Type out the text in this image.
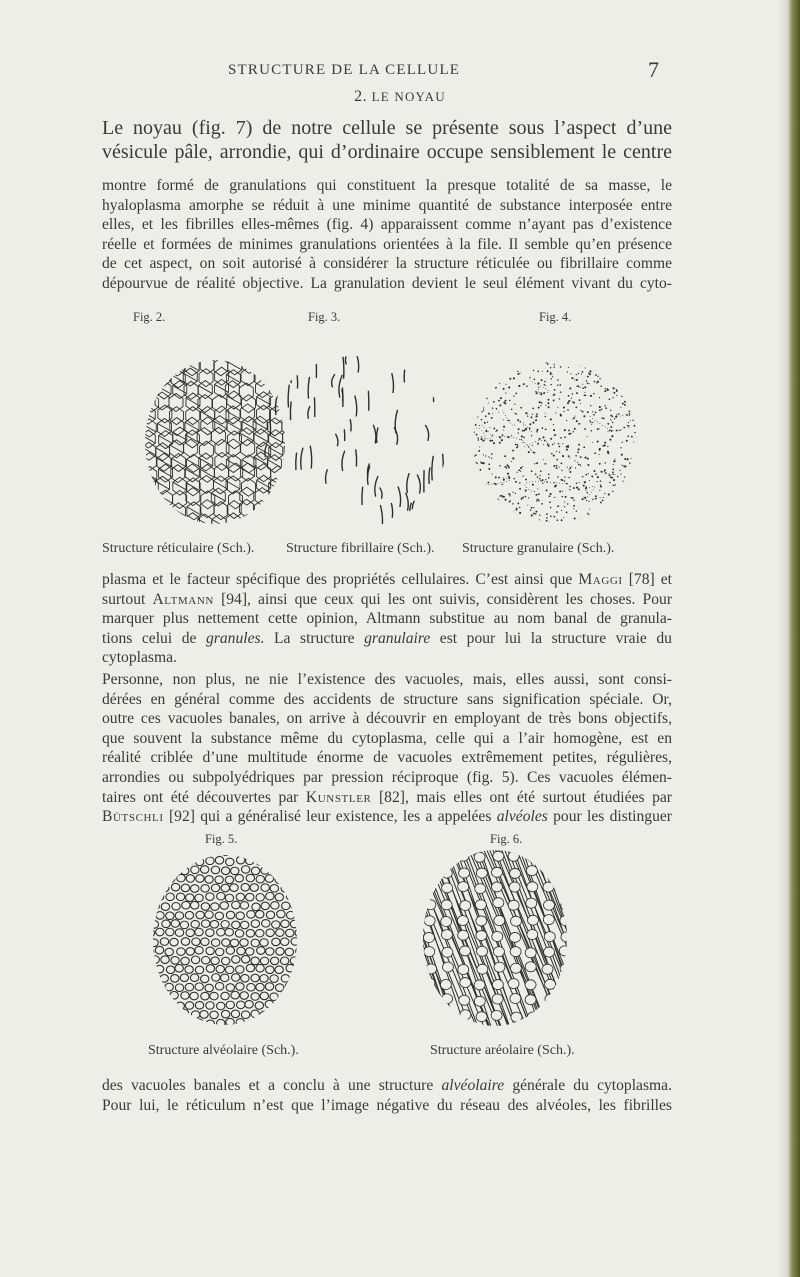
STRUCTURE DE LA CELLULE	7
2. LE NOYAU
Le noyau (fig. 7) de notre cellule se présente sous l’aspect d’une
vésicule pâle, arrondie, qui d’ordinaire occupe sensiblement le centre
montre formé de granulations qui constituent la presque totalité de sa masse, le
hyaloplasma amorphe se réduit à une minime quantité de substance interposée entre
elles, et les fibrilles elles-mêmes (fig. 4) apparaissent comme n’ayant pas d’existence
réelle et formées de minimes granulations orientées à la file. Il semble qu’en présence
de cet aspect, on soit autorisé à considérer la structure réticulée ou fibrillaire comme
dépourvue de réalité objective. La granulation devient le seul élément vivant du cyto-
Fig. 2.	Fig. 3.	Fig. 4.
Structure réticulaire (Sch.). Structure fibrillaire (Sch.). Structure granulaire (Sch.).
plasma et le facteur spécifique des propriétés cellulaires. C’est ainsi que Maggi [78] et
surtout Altmann [94], ainsi que ceux qui les ont suivis, considèrent les choses. Pour
marquer plus nettement cette opinion, Altmann substitue au nom banal de granula-
tions celui de granules. La structure granulaire est pour lui la structure vraie du
cytoplasma.
Personne, non plus, ne nie l’existence des vacuoles, mais, elles aussi, sont consi-
dérées en général comme des accidents de structure sans signification spéciale. Or,
outre ces vacuoles banales, on arrive à découvrir en employant de très bons objectifs,
que souvent la substance même du cytoplasma, celle qui a l’air homogène, est en
réalité criblée d’une multitude énorme de vacuoles extrêmement petites, régulières,
arrondies ou subpolyédriques par pression réciproque (fig. 5). Ces vacuoles élémen-
taires ont été découvertes par Kunstler [82], mais elles ont été surtout étudiées par
Bütschli [92] qui a généralisé leur existence, les a appelées alvéoles pour les distinguer
Fig. 5.	Fig. 6.
Structure alvéolaire (Sch.).	Structure aréolaire (Sch.).
des vacuoles banales et a conclu à une structure alvéolaire générale du cytoplasma.
Pour lui, le réticulum n’est que l’image négative du réseau des alvéoles, les fibrilles
